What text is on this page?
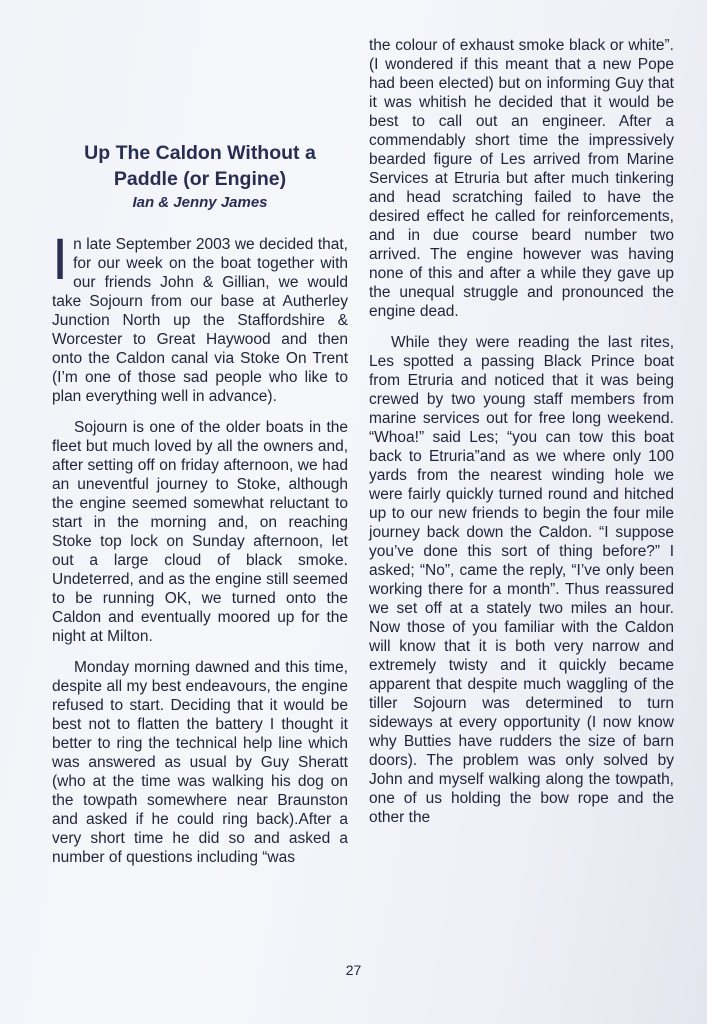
Up The Caldon Without a Paddle (or Engine)
Ian & Jenny James

In late September 2003 we decided that, for our week on the boat together with our friends John & Gillian, we would take Sojourn from our base at Autherley Junction North up the Staffordshire & Worcester to Great Haywood and then onto the Caldon canal via Stoke On Trent (I’m one of those sad people who like to plan everything well in advance).

Sojourn is one of the older boats in the fleet but much loved by all the owners and, after setting off on friday afternoon, we had an uneventful journey to Stoke, although the engine seemed somewhat reluctant to start in the morning and, on reaching Stoke top lock on Sunday afternoon, let out a large cloud of black smoke. Undeterred, and as the engine still seemed to be running OK, we turned onto the Caldon and eventually moored up for the night at Milton.

Monday morning dawned and this time, despite all my best endeavours, the engine refused to start. Deciding that it would be best not to flatten the battery I thought it better to ring the technical help line which was answered as usual by Guy Sheratt (who at the time was walking his dog on the towpath somewhere near Braunston and asked if he could ring back).After a very short time he did so and asked a number of questions including “was

the colour of exhaust smoke black or white”. (I wondered if this meant that a new Pope had been elected) but on informing Guy that it was whitish he decided that it would be best to call out an engineer. After a commendably short time the impressively bearded figure of Les arrived from Marine Services at Etruria but after much tinkering and head scratching failed to have the desired effect he called for reinforcements, and in due course beard number two arrived. The engine however was having none of this and after a while they gave up the unequal struggle and pronounced the engine dead.

While they were reading the last rites, Les spotted a passing Black Prince boat from Etruria and noticed that it was being crewed by two young staff members from marine services out for free long weekend. “Whoa!” said Les; “you can tow this boat back to Etruria”and as we where only 100 yards from the nearest winding hole we were fairly quickly turned round and hitched up to our new friends to begin the four mile journey back down the Caldon. “I suppose you’ve done this sort of thing before?” I asked; “No”, came the reply, “I’ve only been working there for a month”. Thus reassured we set off at a stately two miles an hour. Now those of you familiar with the Caldon will know that it is both very narrow and extremely twisty and it quickly became apparent that despite much waggling of the tiller Sojourn was determined to turn sideways at every opportunity (I now know why Butties have rudders the size of barn doors). The problem was only solved by John and myself walking along the towpath, one of us holding the bow rope and the other the

27
